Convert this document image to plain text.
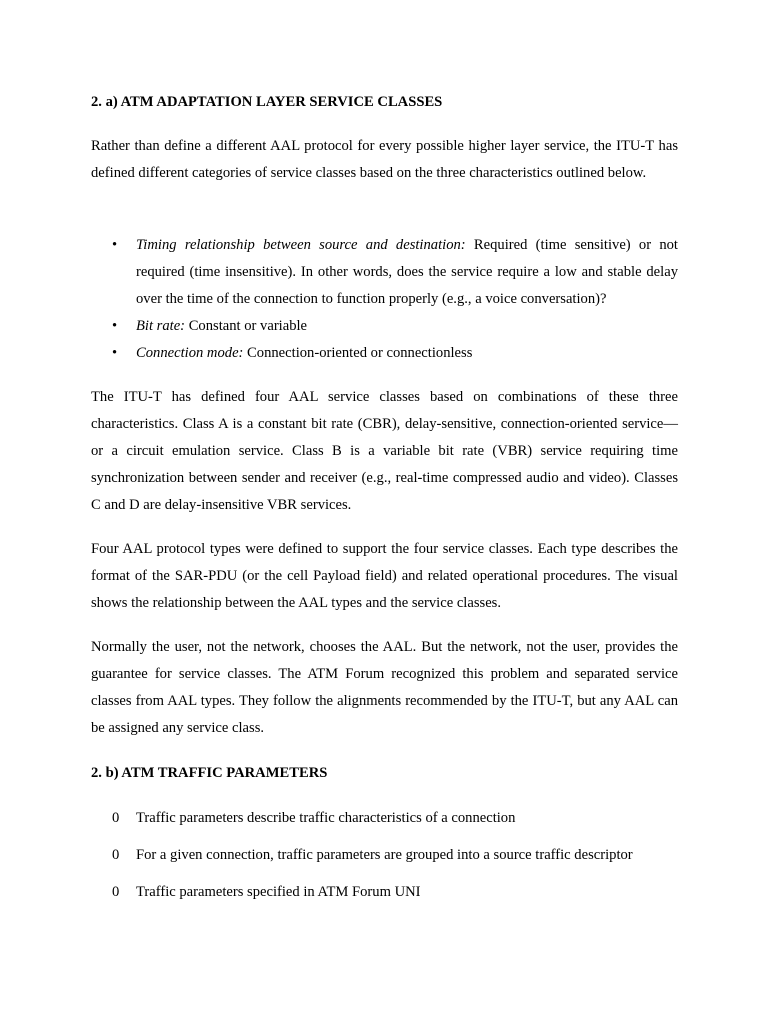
2. a) ATM ADAPTATION LAYER SERVICE CLASSES

Rather than define a different AAL protocol for every possible higher layer service, the ITU-T has defined different categories of service classes based on the three characteristics outlined below.

• Timing relationship between source and destination: Required (time sensitive) or not required (time insensitive). In other words, does the service require a low and stable delay over the time of the connection to function properly (e.g., a voice conversation)?
• Bit rate: Constant or variable
• Connection mode: Connection-oriented or connectionless

The ITU-T has defined four AAL service classes based on combinations of these three characteristics. Class A is a constant bit rate (CBR), delay-sensitive, connection-oriented service—or a circuit emulation service. Class B is a variable bit rate (VBR) service requiring time synchronization between sender and receiver (e.g., real-time compressed audio and video). Classes C and D are delay-insensitive VBR services.

Four AAL protocol types were defined to support the four service classes. Each type describes the format of the SAR-PDU (or the cell Payload field) and related operational procedures. The visual shows the relationship between the AAL types and the service classes.

Normally the user, not the network, chooses the AAL. But the network, not the user, provides the guarantee for service classes. The ATM Forum recognized this problem and separated service classes from AAL types. They follow the alignments recommended by the ITU-T, but any AAL can be assigned any service class.

2. b) ATM TRAFFIC PARAMETERS
0 Traffic parameters describe traffic characteristics of a connection
0 For a given connection, traffic parameters are grouped into a source traffic descriptor
0 Traffic parameters specified in ATM Forum UNI
